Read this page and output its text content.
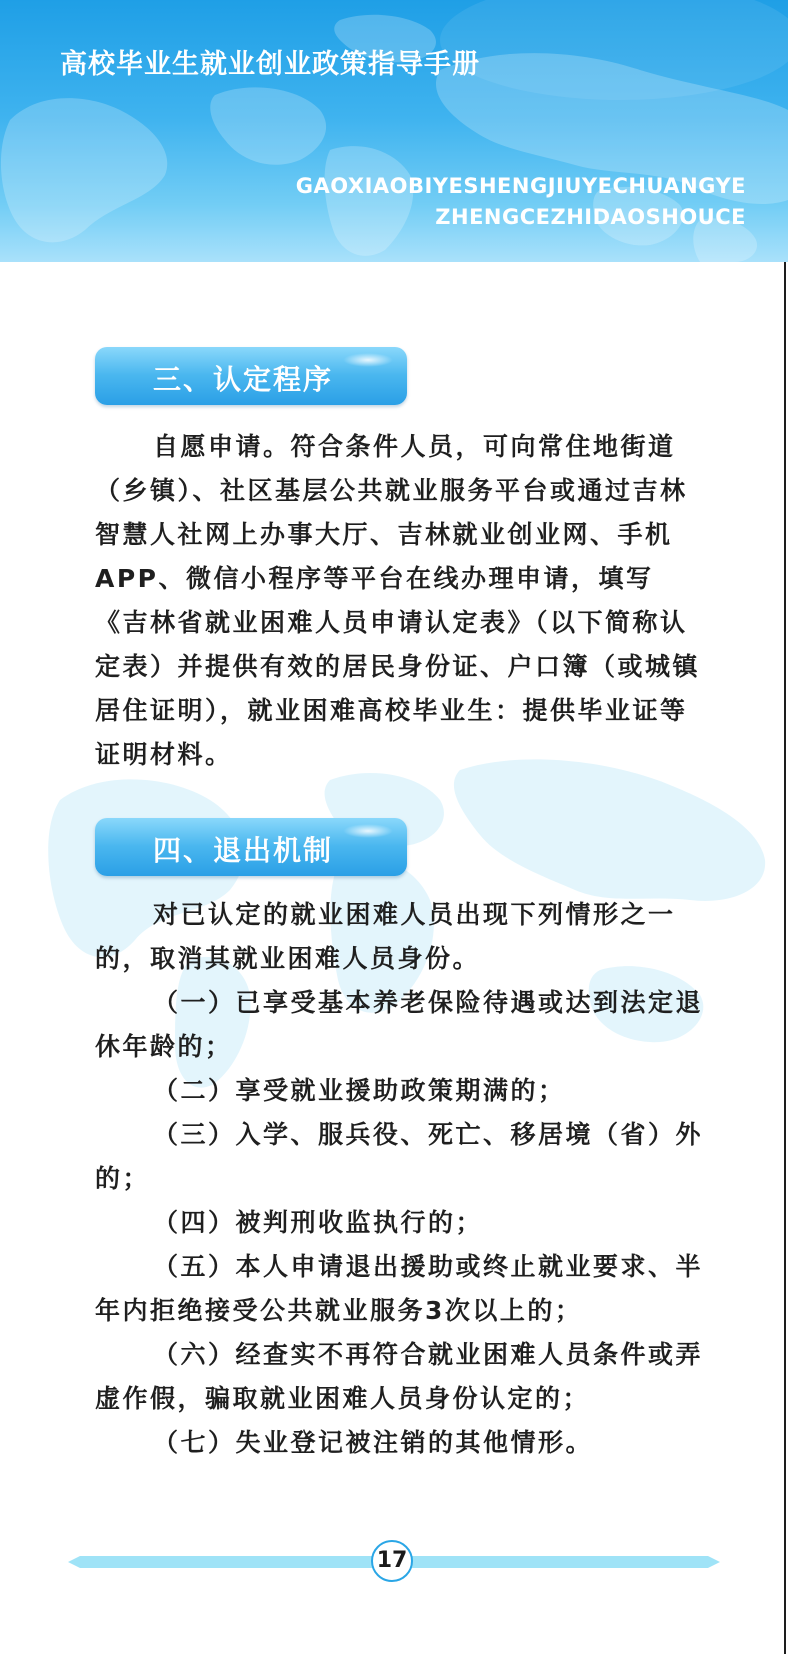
高校毕业生就业创业政策指导手册
GAOXIAOBIYESHENGJIUYECHUANGYE
ZHENGCEZHIDAOSHOUCE
三、认定程序

自愿申请。符合条件人员，可向常住地街道（乡镇）、社区基层公共就业服务平台或通过吉林智慧人社网上办事大厅、吉林就业创业网、手机APP、微信小程序等平台在线办理申请，填写《吉林省就业困难人员申请认定表》（以下简称认定表）并提供有效的居民身份证、户口簿（或城镇居住证明），就业困难高校毕业生：提供毕业证等证明材料。

四、退出机制

对已认定的就业困难人员出现下列情形之一的，取消其就业困难人员身份。

（一）已享受基本养老保险待遇或达到法定退休年龄的；

（二）享受就业援助政策期满的；

（三）入学、服兵役、死亡、移居境（省）外的；

（四）被判刑收监执行的；

（五）本人申请退出援助或终止就业要求、半年内拒绝接受公共就业服务3次以上的；

（六）经查实不再符合就业困难人员条件或弄虚作假，骗取就业困难人员身份认定的；

（七）失业登记被注销的其他情形。

17
